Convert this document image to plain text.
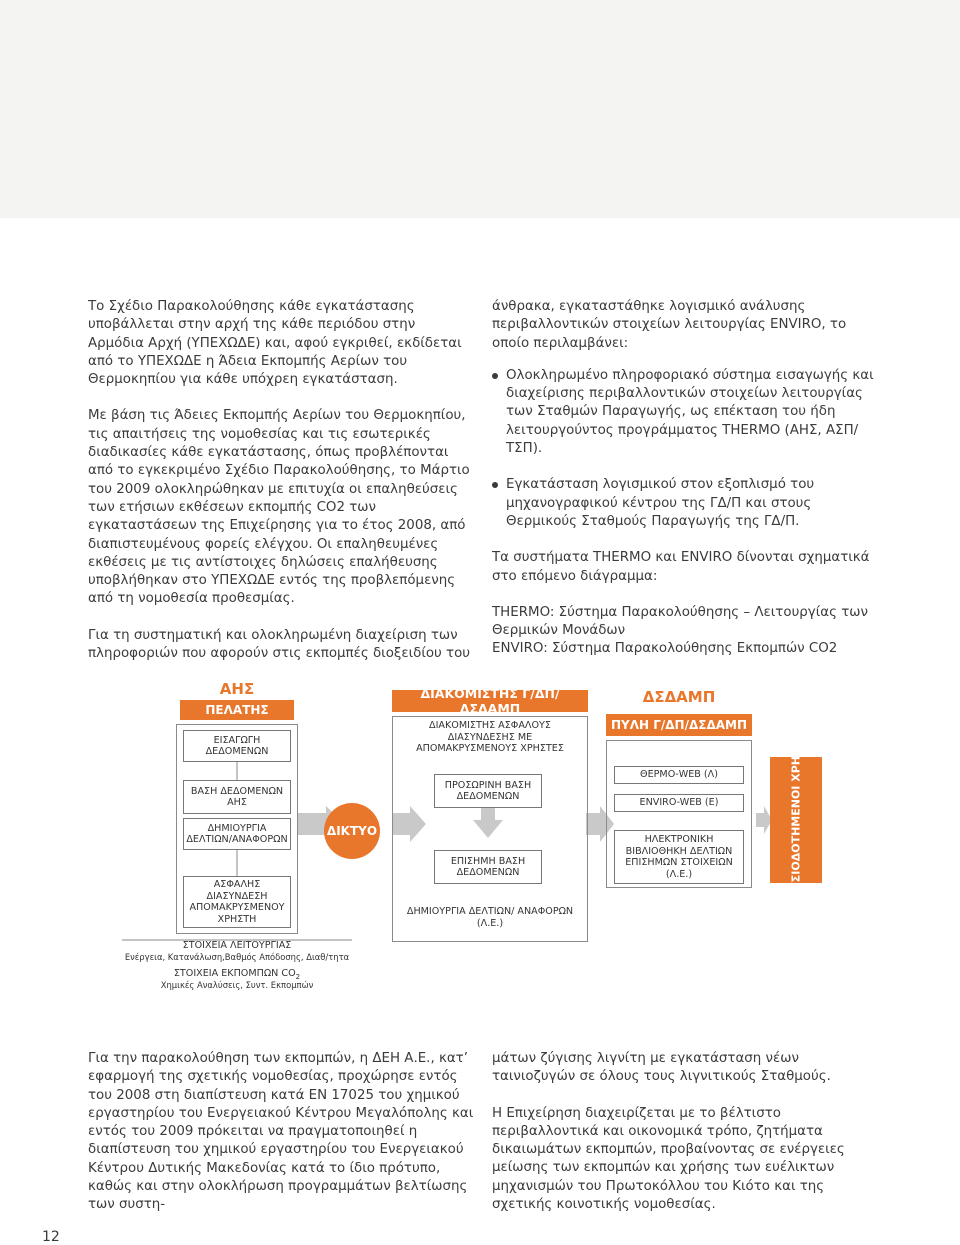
Το Σχέδιο Παρακολούθησης κάθε εγκατάστασης υποβάλλεται στην αρχή της κάθε περιόδου στην Αρμόδια Αρχή (ΥΠΕΧΩΔΕ) και, αφού εγκριθεί, εκδίδεται από το ΥΠΕΧΩΔΕ η Άδεια Εκπομπής Αερίων του Θερμοκηπίου για κάθε υπόχρεη εγκατάσταση.

Με βάση τις Άδειες Εκπομπής Αερίων του Θερμοκηπίου, τις απαιτήσεις της νομοθεσίας και τις εσωτερικές διαδικασίες κάθε εγκατάστασης, όπως προβλέπονται από το εγκεκριμένο Σχέδιο Παρακολούθησης, το Μάρτιο του 2009 ολοκληρώθηκαν με επιτυχία οι επαληθεύσεις των ετήσιων εκθέσεων εκπομπής CO2 των εγκαταστάσεων της Επιχείρησης για το έτος 2008, από διαπιστευμένους φορείς ελέγχου. Οι επαληθευμένες εκθέσεις με τις αντίστοιχες δηλώσεις επαλήθευσης υποβλήθηκαν στο ΥΠΕΧΩΔΕ εντός της προβλεπόμενης από τη νομοθεσία προθεσμίας.

Για τη συστηματική και ολοκληρωμένη διαχείριση των πληροφοριών που αφορούν στις εκπομπές διοξειδίου του

άνθρακα, εγκαταστάθηκε λογισμικό ανάλυσης περιβαλλοντικών στοιχείων λειτουργίας ENVIRO, το οποίο περιλαμβάνει:

Ολοκληρωμένο πληροφοριακό σύστημα εισαγωγής και διαχείρισης περιβαλλοντικών στοιχείων λειτουργίας των Σταθμών Παραγωγής, ως επέκταση του ήδη λειτουργούντος προγράμματος THERMO (ΑΗΣ, ΑΣΠ/ΤΣΠ).
Εγκατάσταση λογισμικού στον εξοπλισμό του μηχανογραφικού κέντρου της ΓΔ/Π και στους Θερμικούς Σταθμούς Παραγωγής της ΓΔ/Π.

Τα συστήματα THERMO και ENVIRO δίνονται σχηματικά στο επόμενο διάγραμμα:

THERMO: Σύστημα Παρακολούθησης – Λειτουργίας των Θερμικών Μονάδων

ENVIRO: Σύστημα Παρακολούθησης Εκπομπών CO2

ΑΗΣ
ΠΕΛΑΤΗΣ
ΕΙΣΑΓΩΓΗ ΔΕΔΟΜΕΝΩΝ
ΒΑΣΗ ΔΕΔΟΜΕΝΩΝ ΑΗΣ
ΔΗΜΙΟΥΡΓΙΑ ΔΕΛΤΙΩΝ/ΑΝΑΦΟΡΩΝ
ΑΣΦΑΛΗΣ ΔΙΑΣΥΝΔΕΣΗ ΑΠΟΜΑΚΡΥΣΜΕΝΟΥ ΧΡΗΣΤΗ
ΣΤΟΙΧΕΙΑ ΛΕΙΤΟΥΡΓΙΑΣ
Ενέργεια, Κατανάλωση,Βαθμός Απόδοσης, Διαθ/τητα
ΣΤΟΙΧΕΙΑ ΕΚΠΟΜΠΩΝ $CO_2$
Χημικές Αναλύσεις, Συντ. Εκπομπών
ΔΙΚΤΥΟ
ΔΙΑΚΟΜΙΣΤΗΣ Γ/ΔΠ/ΔΣΔΑΜΠ
ΔΙΑΚΟΜΙΣΤΗΣ ΑΣΦΑΛΟΥΣ ΔΙΑΣΥΝΔΕΣΗΣ ΜΕ ΑΠΟΜΑΚΡΥΣΜΕΝΟΥΣ ΧΡΗΣΤΕΣ
ΠΡΟΣΩΡΙΝΗ ΒΑΣΗ ΔΕΔΟΜΕΝΩΝ
ΕΠΙΣΗΜΗ ΒΑΣΗ ΔΕΔΟΜΕΝΩΝ
ΔΗΜΙΟΥΡΓΙΑ ΔΕΛΤΙΩΝ/ ΑΝΑΦΟΡΩΝ (Λ.Ε.)
ΔΣΔΑΜΠ
ΠΥΛΗ Γ/ΔΠ/ΔΣΔΑΜΠ
ΘΕΡΜΟ-WEB (Λ)
ENVIRO-WEB (Ε)
ΗΛΕΚΤΡΟΝΙΚΗ ΒΙΒΛΙΟΘΗΚΗ ΔΕΛΤΙΩΝ ΕΠΙΣΗΜΩΝ ΣΤΟΙΧΕΙΩΝ (Λ.Ε.)	ΕΞΟΥΣΙΟΔΟΤΗΜΕΝΟΙ ΧΡΗΣΤΕΣ

Για την παρακολούθηση των εκπομπών, η ΔΕΗ Α.Ε., κατ’ εφαρμογή της σχετικής νομοθεσίας, προχώρησε εντός του 2008 στη διαπίστευση κατά EN 17025 του χημικού εργαστηρίου του Ενεργειακού Κέντρου Μεγαλόπολης και εντός του 2009 πρόκειται να πραγματοποιηθεί η διαπίστευση του χημικού εργαστηρίου του Ενεργειακού Κέντρου Δυτικής Μακεδονίας κατά το ίδιο πρότυπο, καθώς και στην ολοκλήρωση προγραμμάτων βελτίωσης των συστη-

μάτων ζύγισης λιγνίτη με εγκατάσταση νέων ταινιοζυγών σε όλους τους λιγνιτικούς Σταθμούς.

Η Επιχείρηση διαχειρίζεται με το βέλτιστο περιβαλλοντικά και οικονομικά τρόπο, ζητήματα δικαιωμάτων εκπομπών, προβαίνοντας σε ενέργειες μείωσης των εκπομπών και χρήσης των ευέλικτων μηχανισμών του Πρωτοκόλλου του Κιότο και της σχετικής κοινοτικής νομοθεσίας.

12
